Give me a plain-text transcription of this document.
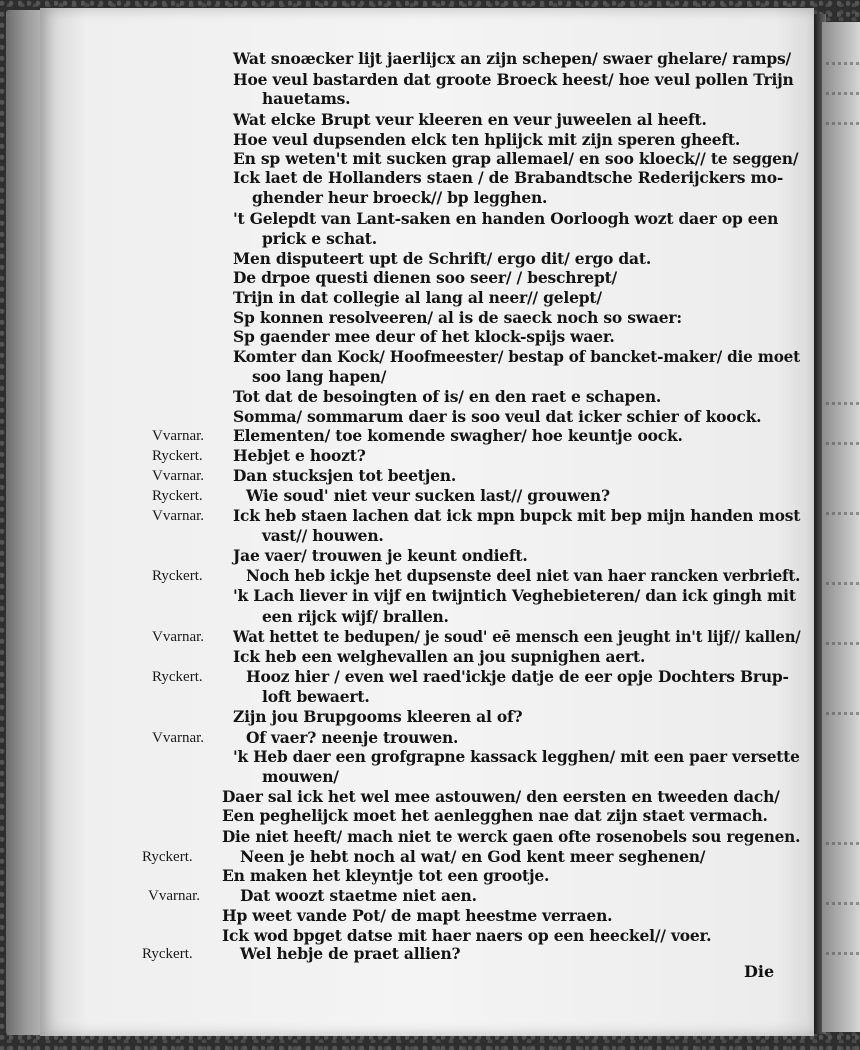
Wat snoæcker lijt jaerlijcx an zijn schepen/ swaer ghelare/ ramps/
Hoe veul bastarden dat groote Broeck heest/ hoe veul pollen Trijn
hauetams.
Wat elcke Brupt veur kleeren en veur juweelen al heeft.
Hoe veul dupsenden elck ten hplijck mit zijn speren gheeft.
En sp weten't mit sucken grap allemael/ en soo kloeck// te seggen/
Ick laet de Hollanders staen / de Brabandtsche Rederijckers mo-
ghender heur broeck// bp legghen.
't Gelepdt van Lant-saken en handen Oorloogh wozt daer op een
prick e schat.
Men disputeert upt de Schrift/ ergo dit/ ergo dat.
De drpoe questi dienen soo seer/ / beschrept/
Trijn in dat collegie al lang al neer// gelept/
Sp konnen resolveeren/ al is de saeck noch so swaer:
Sp gaender mee deur of het klock-spijs waer.
Komter dan Kock/ Hoofmeester/ bestap of bancket-maker/ die moet
soo lang hapen/
Tot dat de besoingten of is/ en den raet e schapen.
Somma/ sommarum daer is soo veul dat icker schier of koock.
Vvarnar. Elementen/ toe komende swagher/ hoe keuntje oock.
Ryckert. Hebjet e hoozt?
Vvarnar. Dan stucksjen tot beetjen.
Ryckert.	Wie soud' niet veur sucken last// grouwen?
Vvarnar. Ick heb staen lachen dat ick mpn bupck mit bep mijn handen most
vast// houwen.
Jae vaer/ trouwen je keunt ondieft.
Ryckert.	Noch heb ickje het dupsenste deel niet van haer rancken verbrieft.
'k Lach liever in vijf en twijntich Veghebieteren/ dan ick gingh mit
een rijck wijf/ brallen.
Vvarnar. Wat hettet te bedupen/ je soud' eē mensch een jeught in't lijf// kallen/
Ick heb een welghevallen an jou supnighen aert.
Ryckert.	Hooz hier / even wel raed'ickje datje de eer opje Dochters Brup-
loft bewaert.
Zijn jou Brupgooms kleeren al of?
Vvarnar.	Of vaer? neenje trouwen.
'k Heb daer een grofgrapne kassack legghen/ mit een paer versette
mouwen/
Daer sal ick het wel mee astouwen/ den eersten en tweeden dach/
Een peghelijck moet het aenlegghen nae dat zijn staet vermach.
Die niet heeft/ mach niet te werck gaen ofte rosenobels sou regenen.
Ryckert.	Neen je hebt noch al wat/ en God kent meer seghenen/
En maken het kleyntje tot een grootje.
Vvarnar.	Dat woozt staetme niet aen.
Hp weet vande Pot/ de mapt heestme verraen.
Ick wod bpget datse mit haer naers op een heeckel// voer.
Ryckert.	Wel hebje de praet allien?
Die
